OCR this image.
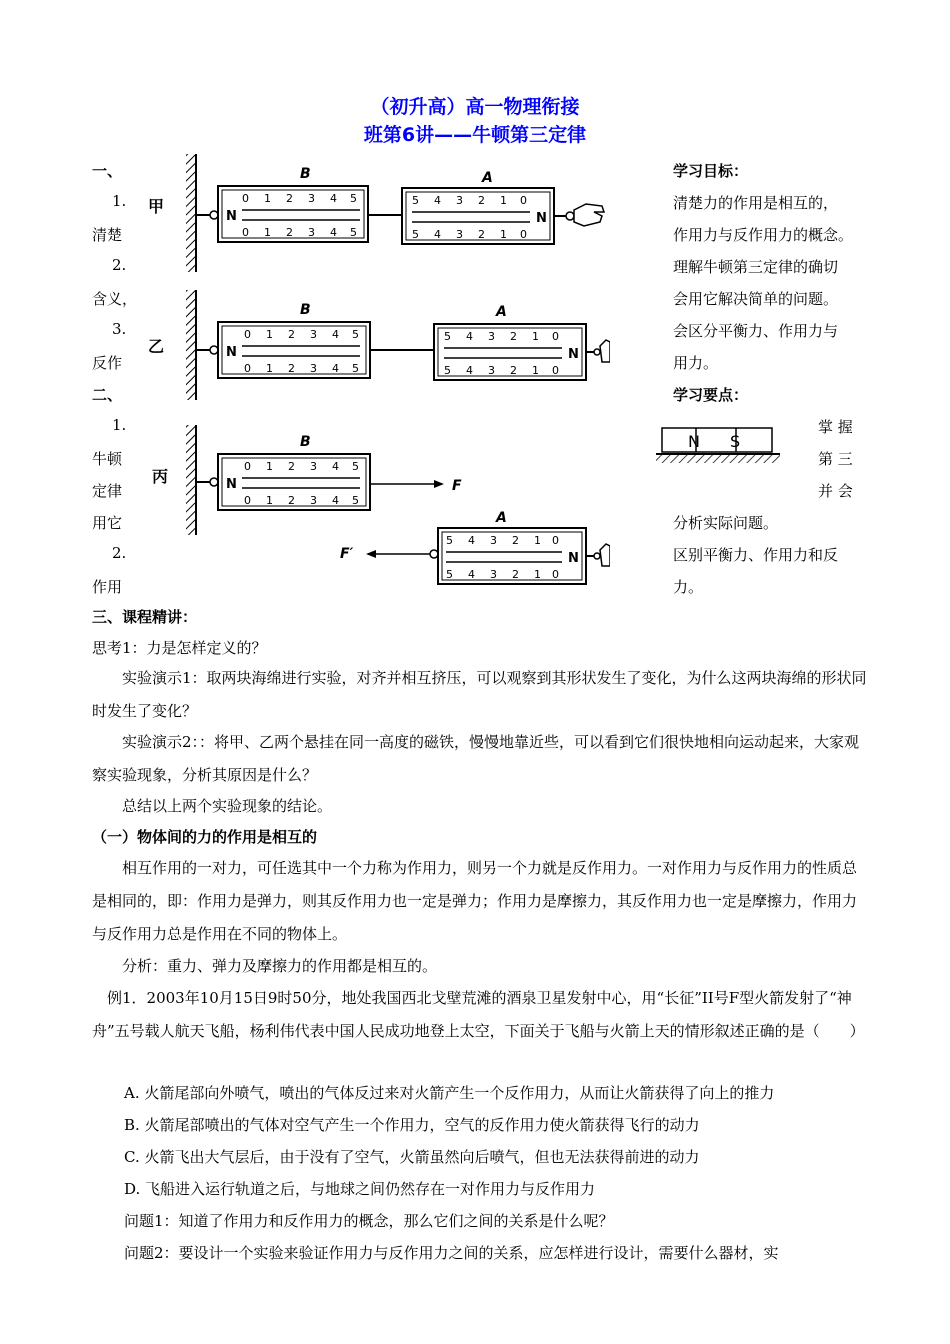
（初升高）高一物理衔接
班第6讲——牛顿第三定律
一、
1.
清楚
2.
含义，
3.
反作
二、
1.
牛顿
定律
用它
2.
作用
甲
乙
丙
B	A
N
0 1 2 3 4 5
0 1 2 3 4 5
5 4 3 2 1 0
5 4 3 2 1 0
N
B	A
N
0 1 2 3 4 5
0 1 2 3 4 5
5 4 3 2 1 0
5 4 3 2 1 0
N
B
N
0 1 2 3 4 5
0 1 2 3 4 5
F
A
F′
5 4 3 2 1 0
5 4 3 2 1 0
N
学习目标：
清楚力的作用是相互的，
作用力与反作用力的概念。
理解牛顿第三定律的确切
会用它解决简单的问题。
会区分平衡力、作用力与
用力。
学习要点：
N S
掌 握
第 三
并 会
分析实际问题。
区别平衡力、作用力和反
力。
三、课程精讲：
思考1：力是怎样定义的？
实验演示1：取两块海绵进行实验，对齐并相互挤压，可以观察到其形状发生了变化，为什么这两块海绵的形状同时发生了变化？
实验演示2：：将甲、乙两个悬挂在同一高度的磁铁，慢慢地靠近些，可以看到它们很快地相向运动起来，大家观察实验现象，分析其原因是什么？
总结以上两个实验现象的结论。
（一）物体间的力的作用是相互的
相互作用的一对力，可任选其中一个力称为作用力，则另一个力就是反作用力。一对作用力与反作用力的性质总是相同的，即：作用力是弹力，则其反作用力也一定是弹力；作用力是摩擦力，其反作用力也一定是摩擦力，作用力与反作用力总是作用在不同的物体上。
分析：重力、弹力及摩擦力的作用都是相互的。
例1．2003年10月15日9时50分，地处我国西北戈壁荒滩的酒泉卫星发射中心，用“长征”II号F型火箭发射了“神舟”五号载人航天飞船，杨利伟代表中国人民成功地登上太空，下面关于飞船与火箭上天的情形叙述正确的是（　　）
A. 火箭尾部向外喷气，喷出的气体反过来对火箭产生一个反作用力，从而让火箭获得了向上的推力
B. 火箭尾部喷出的气体对空气产生一个作用力，空气的反作用力使火箭获得飞行的动力
C. 火箭飞出大气层后，由于没有了空气，火箭虽然向后喷气，但也无法获得前进的动力
D. 飞船进入运行轨道之后，与地球之间仍然存在一对作用力与反作用力
问题1：知道了作用力和反作用力的概念，那么它们之间的关系是什么呢？
问题2：要设计一个实验来验证作用力与反作用力之间的关系，应怎样进行设计，需要什么器材，实
